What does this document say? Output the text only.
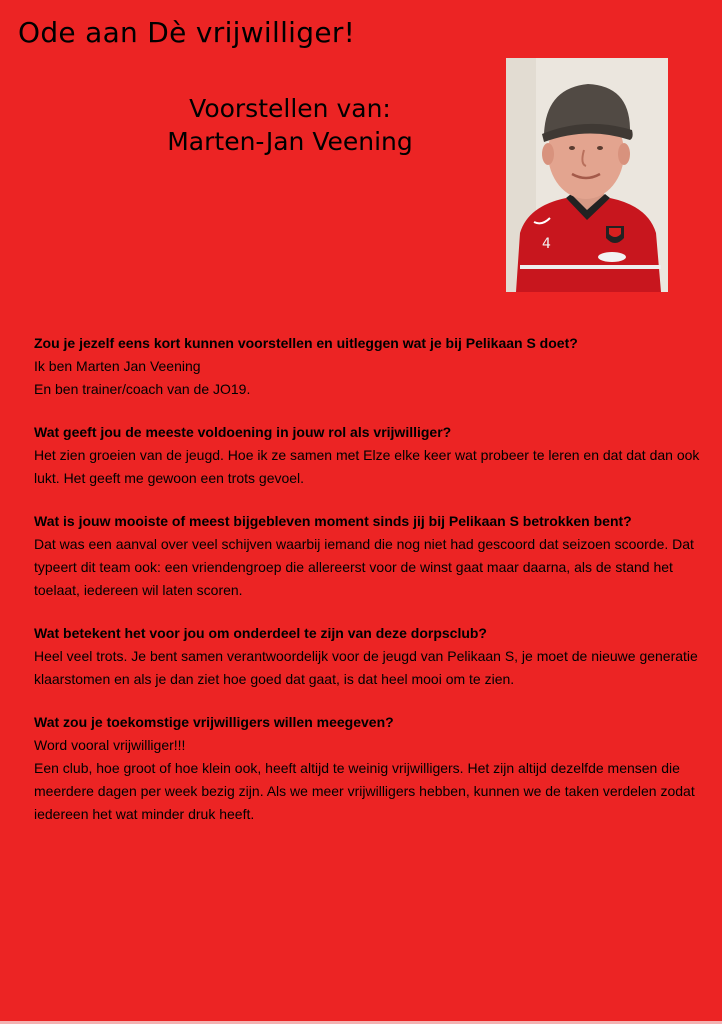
Ode aan Dè vrijwilliger!
Voorstellen van:
Marten-Jan Veening
4
Zou je jezelf eens kort kunnen voorstellen en uitleggen wat je bij Pelikaan S doet?
Ik ben Marten Jan Veening
En ben trainer/coach van de JO19.
Wat geeft jou de meeste voldoening in jouw rol als vrijwilliger?
Het zien groeien van de jeugd. Hoe ik ze samen met Elze elke keer wat probeer te leren en dat dat dan ook lukt. Het geeft me gewoon een trots gevoel.
Wat is jouw mooiste of meest bijgebleven moment sinds jij bij Pelikaan S betrokken bent?
Dat was een aanval over veel schijven waarbij iemand die nog niet had gescoord dat seizoen scoorde. Dat typeert dit team ook: een vriendengroep die allereerst voor de winst gaat maar daarna, als de stand het toelaat, iedereen wil laten scoren.
Wat betekent het voor jou om onderdeel te zijn van deze dorpsclub?
Heel veel trots. Je bent samen verantwoordelijk voor de jeugd van Pelikaan S, je moet de nieuwe generatie klaarstomen en als je dan ziet hoe goed dat gaat, is dat heel mooi om te zien.
Wat zou je toekomstige vrijwilligers willen meegeven?
Word vooral vrijwilliger!!!
Een club, hoe groot of hoe klein ook, heeft altijd te weinig vrijwilligers. Het zijn altijd dezelfde mensen die meerdere dagen per week bezig zijn. Als we meer vrijwilligers hebben, kunnen we de taken verdelen zodat iedereen het wat minder druk heeft.
